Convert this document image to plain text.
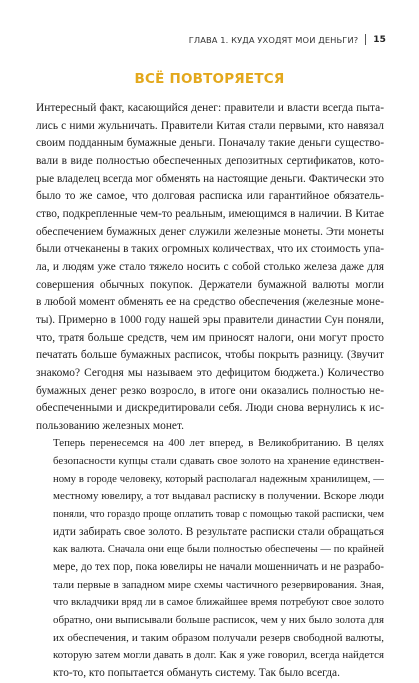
ГЛАВА 1. КУДА УХОДЯТ МОИ ДЕНЬГИ? 15
ВСЁ ПОВТОРЯЕТСЯ

Интересный факт, касающийся денег: правители и власти всегда пыта-
лись с ними жульничать. Правители Китая стали первыми, кто навязал
своим подданным бумажные деньги. Поначалу такие деньги существо-
вали в виде полностью обеспеченных депозитных сертификатов, кото-
рые владелец всегда мог обменять на настоящие деньги. Фактически это
было то же самое, что долговая расписка или гарантийное обязатель-
ство, подкрепленные чем-то реальным, имеющимся в наличии. В Китае
обеспечением бумажных денег служили железные монеты. Эти монеты
были отчеканены в таких огромных количествах, что их стоимость упа-
ла, и людям уже стало тяжело носить с собой столько железа даже для
совершения обычных покупок. Держатели бумажной валюты могли
в любой момент обменять ее на средство обеспечения (железные моне-
ты). Примерно в 1000 году нашей эры правители династии Сун поняли,
что, тратя больше средств, чем им приносят налоги, они могут просто
печатать больше бумажных расписок, чтобы покрыть разницу. (Звучит
знакомо? Сегодня мы называем это дефицитом бюджета.) Количество
бумажных денег резко возросло, в итоге они оказались полностью не-
обеспеченными и дискредитировали себя. Люди снова вернулись к ис-
пользованию железных монет.

Теперь перенесемся на 400 лет вперед, в Великобританию. В целях
безопасности купцы стали сдавать свое золото на хранение единствен-
ному в городе человеку, который располагал надежным хранилищем, —
местному ювелиру, а тот выдавал расписку в получении. Вскоре люди
поняли, что гораздо проще оплатить товар с помощью такой расписки, чем
идти забирать свое золото. В результате расписки стали обращаться
как валюта. Сначала они еще были полностью обеспечены — по крайней
мере, до тех пор, пока ювелиры не начали мошенничать и не разрабо-
тали первые в западном мире схемы частичного резервирования. Зная,
что вкладчики вряд ли в самое ближайшее время потребуют свое золото
обратно, они выписывали больше расписок, чем у них было золота для
их обеспечения, и таким образом получали резерв свободной валюты,
которую затем могли давать в долг. Как я уже говорил, всегда найдется
кто-то, кто попытается обмануть систему. Так было всегда.
